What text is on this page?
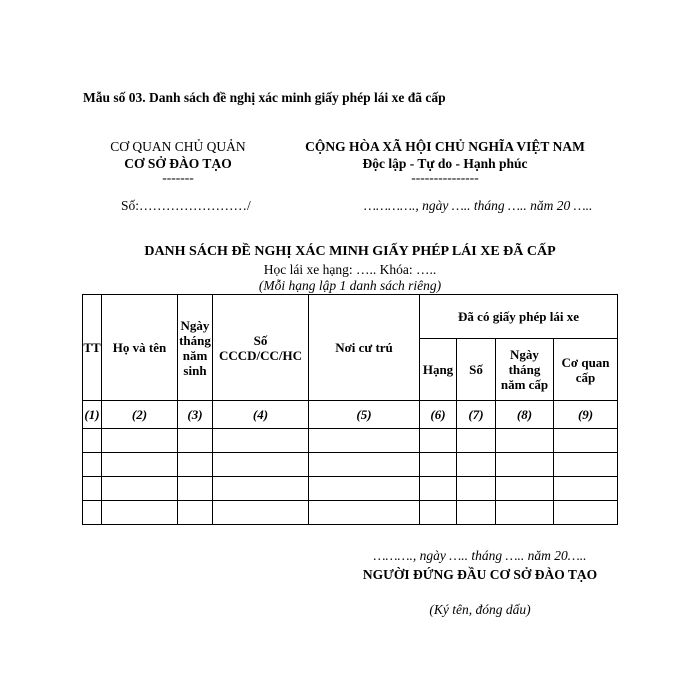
Mẫu số 03. Danh sách đề nghị xác minh giấy phép lái xe đã cấp
CƠ QUAN CHỦ QUẢN
CƠ SỞ ĐÀO TẠO
-------
CỘNG HÒA XÃ HỘI CHỦ NGHĨA VIỆT NAM
Độc lập - Tự do - Hạnh phúc
---------------
Số:……………………/	…………., ngày ….. tháng ….. năm 20 …..
DANH SÁCH ĐỀ NGHỊ XÁC MINH GIẤY PHÉP LÁI XE ĐÃ CẤP
Học lái xe hạng: ….. Khóa: …..
(Mỗi hạng lập 1 danh sách riêng)
TT	Họ và tên	Ngày tháng năm sinh	Số CCCD/CC/HC	Nơi cư trú	Đã có giấy phép lái xe			
					Hạng	Số	Ngày tháng năm cấp	Cơ quan cấp
(1)	(2)	(3)	(4)	(5)	(6)	(7)	(8)	(9)

………., ngày ….. tháng ….. năm 20…..
NGƯỜI ĐỨNG ĐẦU CƠ SỞ ĐÀO TẠO
(Ký tên, đóng dấu)
